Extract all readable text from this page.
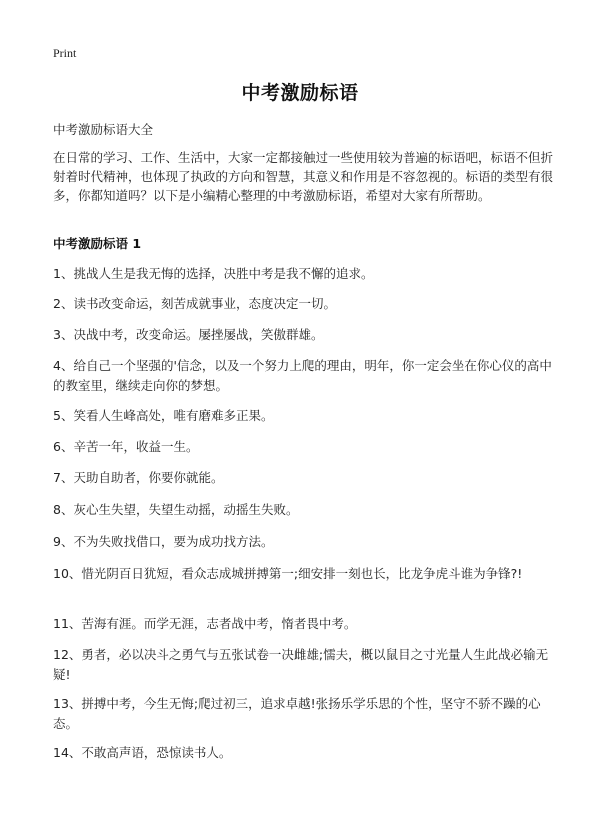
Print
中考激励标语
中考激励标语大全

在日常的学习、工作、生活中，大家一定都接触过一些使用较为普遍的标语吧，标语不但折射着时代精神，也体现了执政的方向和智慧，其意义和作用是不容忽视的。标语的类型有很多，你都知道吗？以下是小编精心整理的中考激励标语，希望对大家有所帮助。

中考激励标语 1

1、挑战人生是我无悔的选择，决胜中考是我不懈的追求。

2、读书改变命运，刻苦成就事业，态度决定一切。

3、决战中考，改变命运。屡挫屡战，笑傲群雄。

4、给自己一个坚强的'信念，以及一个努力上爬的理由，明年，你一定会坐在你心仪的高中的教室里，继续走向你的梦想。

5、笑看人生峰高处，唯有磨难多正果。

6、辛苦一年，收益一生。

7、天助自助者，你要你就能。

8、灰心生失望，失望生动摇，动摇生失败。

9、不为失败找借口，要为成功找方法。

10、惜光阴百日犹短，看众志成城拼搏第一;细安排一刻也长，比龙争虎斗谁为争锋?!

11、苦海有涯。而学无涯，志者战中考，惰者畏中考。

12、勇者，必以决斗之勇气与五张试卷一决雌雄;懦夫，概以鼠目之寸光量人生此战必输无疑!

13、拼搏中考，今生无悔;爬过初三，追求卓越!张扬乐学乐思的个性，坚守不骄不躁的心态。

14、不敢高声语，恐惊读书人。
